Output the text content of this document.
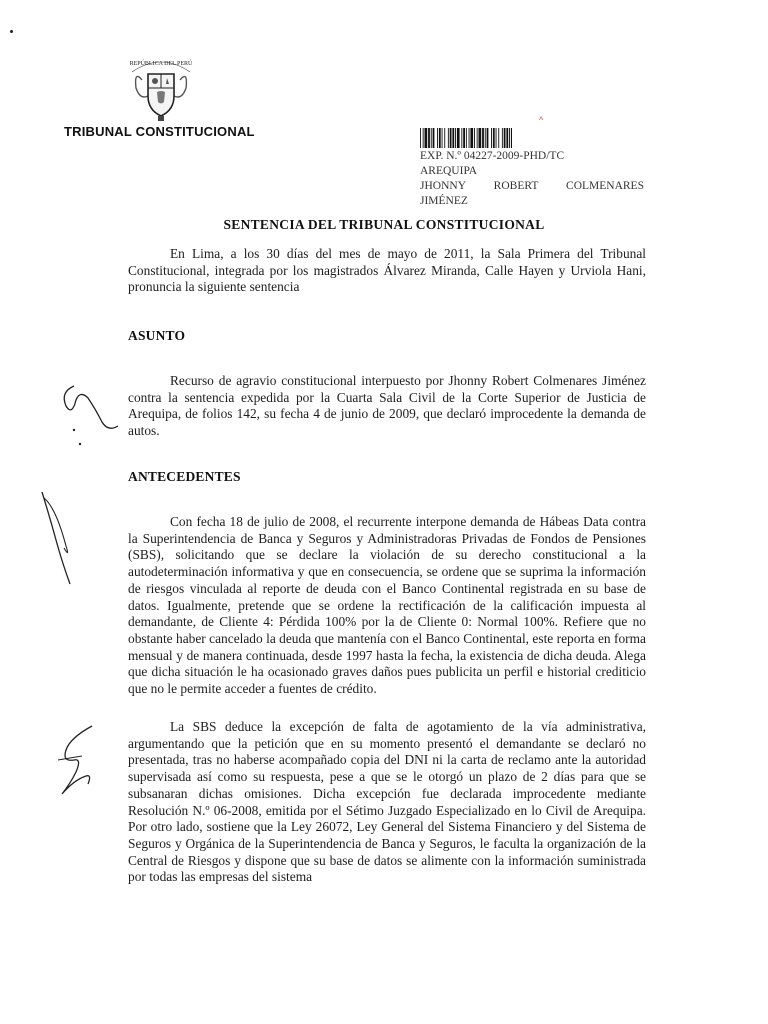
REPÚBLICA DEL PERÚ
TRIBUNAL CONSTITUCIONAL
^
EXP. N.º 04227-2009-PHD/TC
AREQUIPA
JHONNY ROBERT COLMENARES
JIMÉNEZ
SENTENCIA DEL TRIBUNAL CONSTITUCIONAL
En Lima, a los 30 días del mes de mayo de 2011, la Sala Primera del Tribunal Constitucional, integrada por los magistrados Álvarez Miranda, Calle Hayen y Urviola Hani, pronuncia la siguiente sentencia
ASUNTO
Recurso de agravio constitucional interpuesto por Jhonny Robert Colmenares Jiménez contra la sentencia expedida por la Cuarta Sala Civil de la Corte Superior de Justicia de Arequipa, de folios 142, su fecha 4 de junio de 2009, que declaró improcedente la demanda de autos.
ANTECEDENTES
Con fecha 18 de julio de 2008, el recurrente interpone demanda de Hábeas Data contra la Superintendencia de Banca y Seguros y Administradoras Privadas de Fondos de Pensiones (SBS), solicitando que se declare la violación de su derecho constitucional a la autodeterminación informativa y que en consecuencia, se ordene que se suprima la información de riesgos vinculada al reporte de deuda con el Banco Continental registrada en su base de datos. Igualmente, pretende que se ordene la rectificación de la calificación impuesta al demandante, de Cliente 4: Pérdida 100% por la de Cliente 0: Normal 100%. Refiere que no obstante haber cancelado la deuda que mantenía con el Banco Continental, este reporta en forma mensual y de manera continuada, desde 1997 hasta la fecha, la existencia de dicha deuda. Alega que dicha situación le ha ocasionado graves daños pues publicita un perfil e historial crediticio que no le permite acceder a fuentes de crédito.
La SBS deduce la excepción de falta de agotamiento de la vía administrativa, argumentando que la petición que en su momento presentó el demandante se declaró no presentada, tras no haberse acompañado copia del DNI ni la carta de reclamo ante la autoridad supervisada así como su respuesta, pese a que se le otorgó un plazo de 2 días para que se subsanaran dichas omisiones. Dicha excepción fue declarada improcedente mediante Resolución N.º 06-2008, emitida por el Sétimo Juzgado Especializado en lo Civil de Arequipa. Por otro lado, sostiene que la Ley 26072, Ley General del Sistema Financiero y del Sistema de Seguros y Orgánica de la Superintendencia de Banca y Seguros, le faculta la organización de la Central de Riesgos y dispone que su base de datos se alimente con la información suministrada por todas las empresas del sistema
